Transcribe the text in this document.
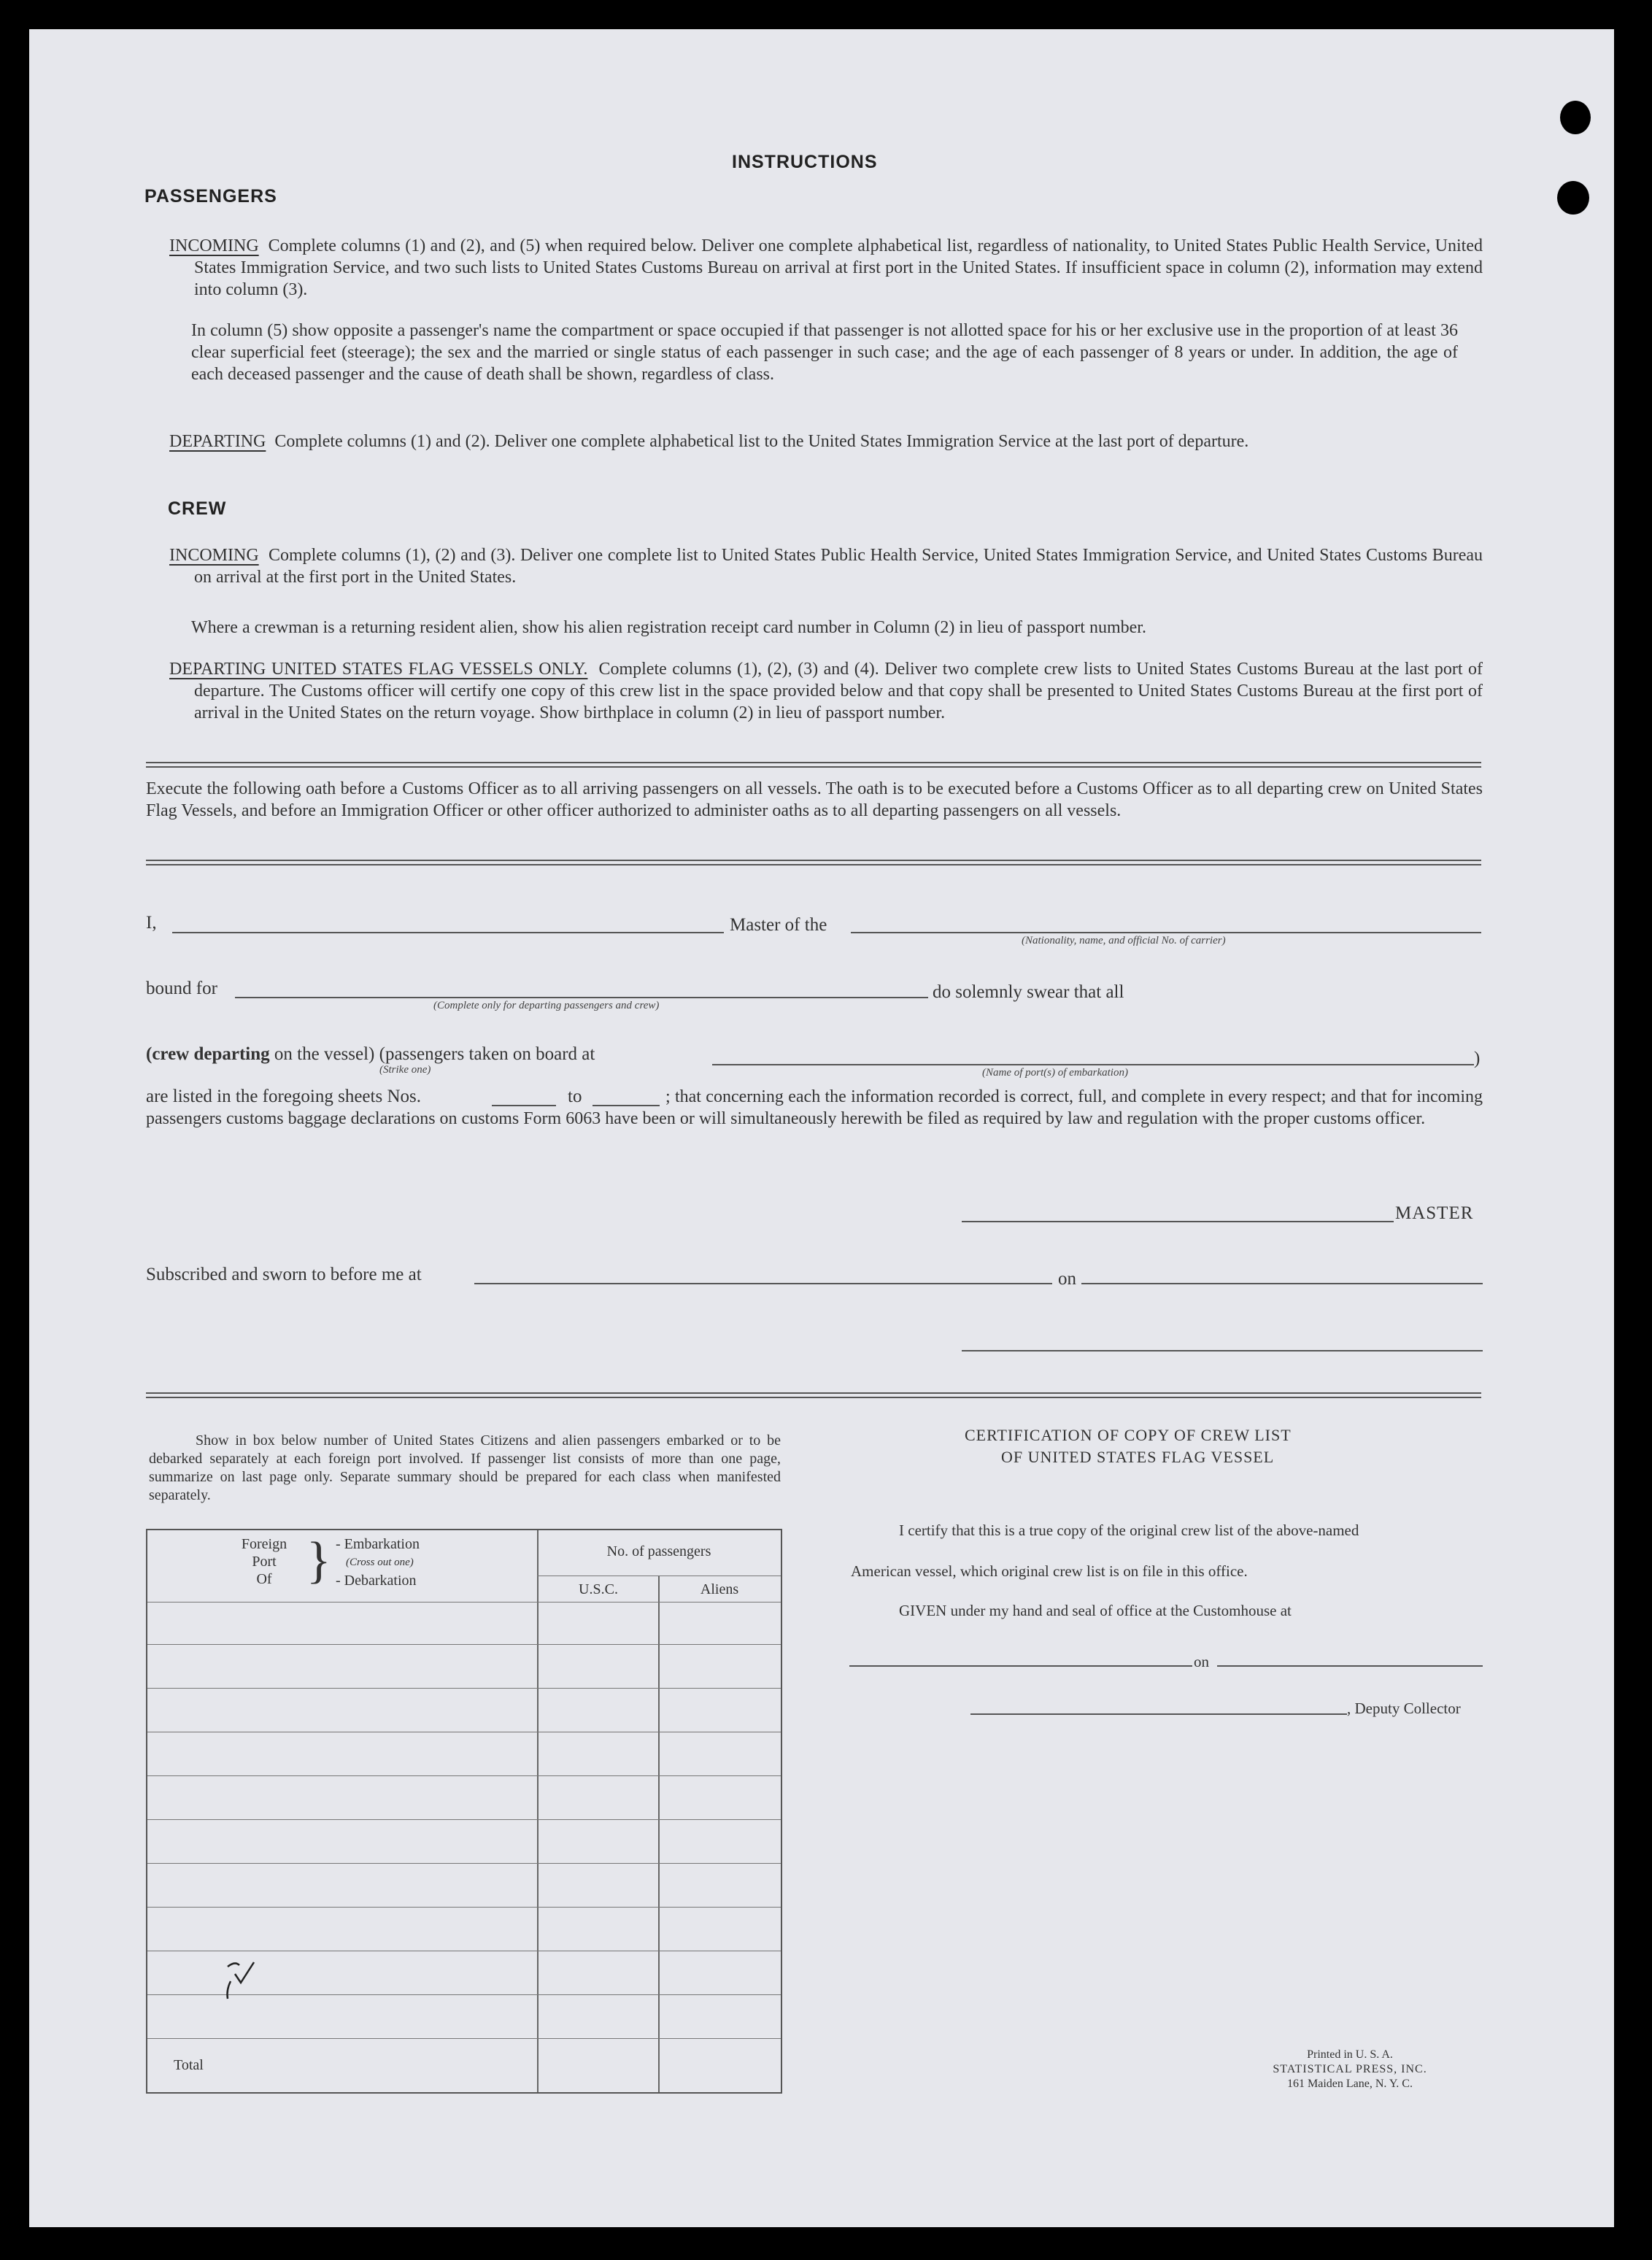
INSTRUCTIONS
PASSENGERS
INCOMING Complete columns (1) and (2), and (5) when required below. Deliver one complete alphabetical list, regardless of nationality, to United States Public Health Service, United States Immigration Service, and two such lists to United States Customs Bureau on arrival at first port in the United States. If insufficient space in column (2), information may extend into column (3).
In column (5) show opposite a passenger's name the compartment or space occupied if that passenger is not allotted space for his or her exclusive use in the proportion of at least 36 clear superficial feet (steerage); the sex and the married or single status of each passenger in such case; and the age of each passenger of 8 years or under. In addition, the age of each deceased passenger and the cause of death shall be shown, regardless of class.
DEPARTING Complete columns (1) and (2). Deliver one complete alphabetical list to the United States Immigration Service at the last port of departure.
CREW
INCOMING Complete columns (1), (2) and (3). Deliver one complete list to United States Public Health Service, United States Immigration Service, and United States Customs Bureau on arrival at the first port in the United States.
Where a crewman is a returning resident alien, show his alien registration receipt card number in Column (2) in lieu of passport number.
DEPARTING UNITED STATES FLAG VESSELS ONLY. Complete columns (1), (2), (3) and (4). Deliver two complete crew lists to United States Customs Bureau at the last port of departure. The Customs officer will certify one copy of this crew list in the space provided below and that copy shall be presented to United States Customs Bureau at the first port of arrival in the United States on the return voyage. Show birthplace in column (2) in lieu of passport number.
Execute the following oath before a Customs Officer as to all arriving passengers on all vessels. The oath is to be executed before a Customs Officer as to all departing crew on United States Flag Vessels, and before an Immigration Officer or other officer authorized to administer oaths as to all departing passengers on all vessels.
I,	Master of the
(Nationality, name, and official No. of carrier)
bound for
(Complete only for departing passengers and crew)
do solemnly swear that all
(crew departing on the vessel) (passengers taken on board at
(Strike one)
)
(Name of port(s) of embarkation)
are listed in the foregoing sheets Nos.	to	; that concerning each the information recorded is correct, full, and complete in every respect; and that for incoming passengers customs baggage declarations on customs Form 6063 have been or will simultaneously herewith be filed as required by law and regulation with the proper customs officer.
MASTER
Subscribed and sworn to before me at	on
Show in box below number of United States Citizens and alien passengers embarked or to be debarked separately at each foreign port involved. If passenger list consists of more than one page, summarize on last page only. Separate summary should be prepared for each class when manifested separately.
Foreign
Port
Of } - Embarkation
(Cross out one)
- Debarkation
No. of passengers
U.S.C.	Aliens
Total
CERTIFICATION OF COPY OF CREW LIST
OF UNITED STATES FLAG VESSEL
I certify that this is a true copy of the original crew list of the above-named
American vessel, which original crew list is on file in this office.
GIVEN under my hand and seal of office at the Customhouse at
on
, Deputy Collector
Printed in U. S. A.
STATISTICAL PRESS, INC.
161 Maiden Lane, N. Y. C.
